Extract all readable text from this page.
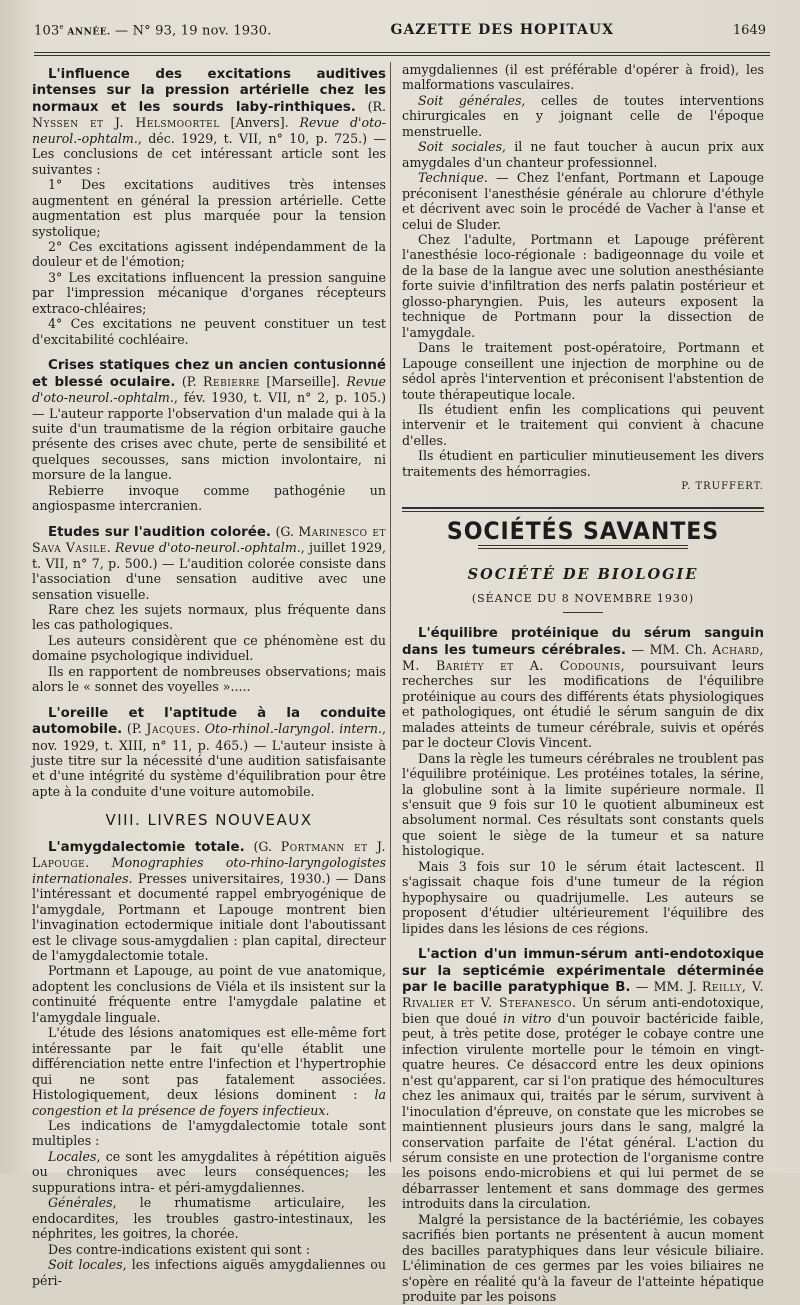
103e ANNÉE. — N° 93, 19 nov. 1930.	GAZETTE DES HOPITAUX	1649

L'influence des excitations auditives intenses sur la pression artérielle chez les normaux et les sourds laby-rinthiques. (R. Nyssen et J. Helsmoortel [Anvers]. Revue d'oto-neurol.-ophtalm., déc. 1929, t. VII, n° 10, p. 725.) — Les conclusions de cet intéressant article sont les suivantes :

1° Des excitations auditives très intenses augmentent en général la pression artérielle. Cette augmentation est plus marquée pour la tension systolique;

2° Ces excitations agissent indépendamment de la douleur et de l'émotion;

3° Les excitations influencent la pression sanguine par l'impression mécanique d'organes récepteurs extraco-chléaires;

4° Ces excitations ne peuvent constituer un test d'excitabilité cochléaire.

Crises statiques chez un ancien contusionné et blessé oculaire. (P. Rebierre [Marseille]. Revue d'oto-neurol.-ophtalm., fév. 1930, t. VII, n° 2, p. 105.) — L'auteur rapporte l'observation d'un malade qui à la suite d'un traumatisme de la région orbitaire gauche présente des crises avec chute, perte de sensibilité et quelques secousses, sans miction involontaire, ni morsure de la langue.

Rebierre invoque comme pathogénie un angiospasme intercranien.

Etudes sur l'audition colorée. (G. Marinesco et Sava Vasile. Revue d'oto-neurol.-ophtalm., juillet 1929, t. VII, n° 7, p. 500.) — L'audition colorée consiste dans l'association d'une sensation auditive avec une sensation visuelle.

Rare chez les sujets normaux, plus fréquente dans les cas pathologiques.

Les auteurs considèrent que ce phénomène est du domaine psychologique individuel.

Ils en rapportent de nombreuses observations; mais alors le « sonnet des voyelles ».....

L'oreille et l'aptitude à la conduite automobile. (P. Jacques. Oto-rhinol.-laryngol. intern., nov. 1929, t. XIII, n° 11, p. 465.) — L'auteur insiste à juste titre sur la nécessité d'une audition satisfaisante et d'une intégrité du système d'équilibration pour être apte à la conduite d'une voiture automobile.

VIII. LIVRES NOUVEAUX

L'amygdalectomie totale. (G. Portmann et J. Lapouge. Monographies oto-rhino-laryngologistes internationales. Presses universitaires, 1930.) — Dans l'intéressant et documenté rappel embryogénique de l'amygdale, Portmann et Lapouge montrent bien l'invagination ectodermique initiale dont l'aboutissant est le clivage sous-amygdalien : plan capital, directeur de l'amygdalectomie totale.

Portmann et Lapouge, au point de vue anatomique, adoptent les conclusions de Viéla et ils insistent sur la continuité fréquente entre l'amygdale palatine et l'amygdale linguale.

L'étude des lésions anatomiques est elle-même fort intéressante par le fait qu'elle établit une différenciation nette entre l'infection et l'hypertrophie qui ne sont pas fatalement associées. Histologiquement, deux lésions dominent : la congestion et la présence de foyers infectieux.

Les indications de l'amygdalectomie totale sont multiples :

Locales, ce sont les amygdalites à répétition aiguës ou chroniques avec leurs conséquences; les suppurations intra- et péri-amygdaliennes.

Générales, le rhumatisme articulaire, les endocardites, les troubles gastro-intestinaux, les néphrites, les goitres, la chorée.

Des contre-indications existent qui sont :

Soit locales, les infections aiguës amygdaliennes ou péri-

amygdaliennes (il est préférable d'opérer à froid), les malformations vasculaires.

Soit générales, celles de toutes interventions chirurgicales en y joignant celle de l'époque menstruelle.

Soit sociales, il ne faut toucher à aucun prix aux amygdales d'un chanteur professionnel.

Technique. — Chez l'enfant, Portmann et Lapouge préconisent l'anesthésie générale au chlorure d'éthyle et décrivent avec soin le procédé de Vacher à l'anse et celui de Sluder.

Chez l'adulte, Portmann et Lapouge préfèrent l'anesthésie loco-régionale : badigeonnage du voile et de la base de la langue avec une solution anesthésiante forte suivie d'infiltration des nerfs palatin postérieur et glosso-pharyngien. Puis, les auteurs exposent la technique de Portmann pour la dissection de l'amygdale.

Dans le traitement post-opératoire, Portmann et Lapouge conseillent une injection de morphine ou de sédol après l'intervention et préconisent l'abstention de toute thérapeutique locale.

Ils étudient enfin les complications qui peuvent intervenir et le traitement qui convient à chacune d'elles.

Ils étudient en particulier minutieusement les divers traitements des hémorragies.

P. TRUFFERT.

SOCIÉTÉS SAVANTES
SOCIÉTÉ DE BIOLOGIE
(SÉANCE DU 8 NOVEMBRE 1930)

L'équilibre protéinique du sérum sanguin dans les tumeurs cérébrales. — MM. Ch. Achard, M. Bariéty et A. Codounis, poursuivant leurs recherches sur les modifications de l'équilibre protéinique au cours des différents états physiologiques et pathologiques, ont étudié le sérum sanguin de dix malades atteints de tumeur cérébrale, suivis et opérés par le docteur Clovis Vincent.

Dans la règle les tumeurs cérébrales ne troublent pas l'équilibre protéinique. Les protéines totales, la sérine, la globuline sont à la limite supérieure normale. Il s'ensuit que 9 fois sur 10 le quotient albumineux est absolument normal. Ces résultats sont constants quels que soient le siège de la tumeur et sa nature histologique.

Mais 3 fois sur 10 le sérum était lactescent. Il s'agissait chaque fois d'une tumeur de la région hypophysaire ou quadrijumelle. Les auteurs se proposent d'étudier ultérieurement l'équilibre des lipides dans les lésions de ces régions.

L'action d'un immun-sérum anti-endotoxique sur la septicémie expérimentale déterminée par le bacille paratyphique B. — MM. J. Reilly, V. Rivalier et V. Stefanesco. Un sérum anti-endotoxique, bien que doué in vitro d'un pouvoir bactéricide faible, peut, à très petite dose, protéger le cobaye contre une infection virulente mortelle pour le témoin en vingt-quatre heures. Ce désaccord entre les deux opinions n'est qu'apparent, car si l'on pratique des hémocultures chez les animaux qui, traités par le sérum, survivent à l'inoculation d'épreuve, on constate que les microbes se maintiennent plusieurs jours dans le sang, malgré la conservation parfaite de l'état général. L'action du sérum consiste en une protection de l'organisme contre les poisons endo-microbiens et qui lui permet de se débarrasser lentement et sans dommage des germes introduits dans la circulation.

Malgré la persistance de la bactériémie, les cobayes sacrifiés bien portants ne présentent à aucun moment des bacilles paratyphiques dans leur vésicule biliaire. L'élimination de ces germes par les voies biliaires ne s'opère en réalité qu'à la faveur de l'atteinte hépatique produite par les poisons
